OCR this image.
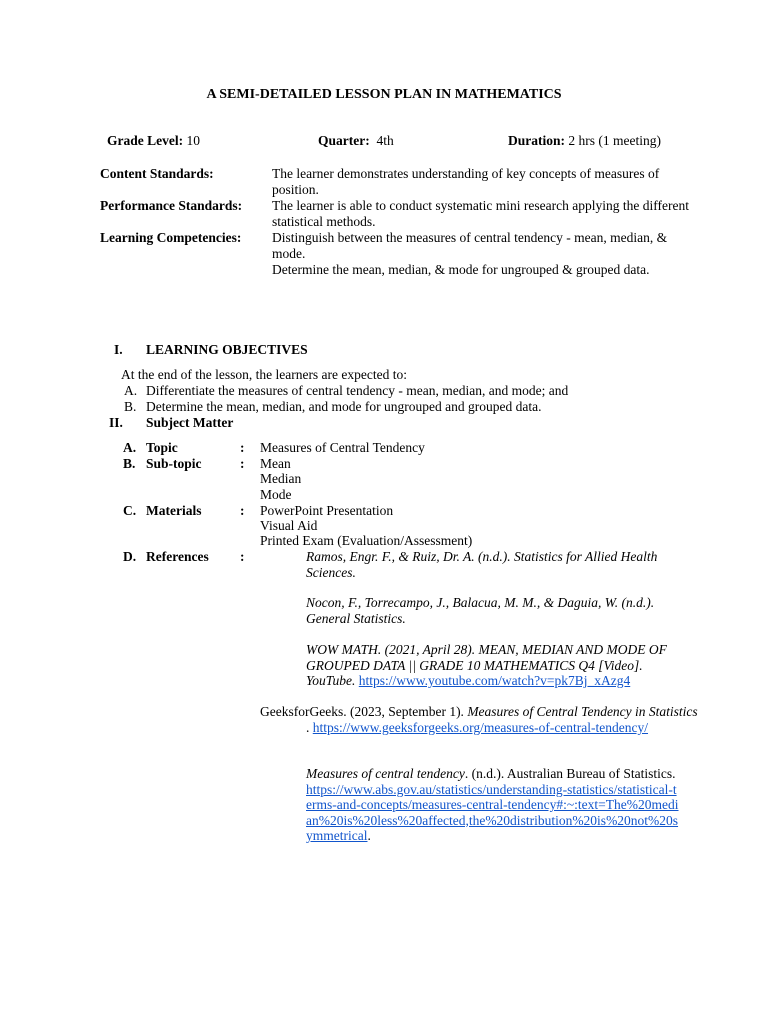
A SEMI-DETAILED LESSON PLAN IN MATHEMATICS
Grade Level: 10	Quarter: 4th	Duration: 2 hrs (1 meeting)
Content Standards:	The learner demonstrates understanding of key concepts of measures of position.
Performance Standards: The learner is able to conduct systematic mini research applying the different statistical methods.
Learning Competencies: Distinguish between the measures of central tendency - mean, median, & mode.
Determine the mean, median, & mode for ungrouped & grouped data.
I. LEARNING OBJECTIVES
At the end of the lesson, the learners are expected to:
A. Differentiate the measures of central tendency - mean, median, and mode; and
B. Determine the mean, median, and mode for ungrouped and grouped data.
II. Subject Matter
A. Topic	: Measures of Central Tendency
B. Sub-topic	: Mean
Median
Mode
C. Materials	: PowerPoint Presentation
Visual Aid
Printed Exam (Evaluation/Assessment)
D. References :	Ramos, Engr. F., & Ruiz, Dr. A. (n.d.). Statistics for Allied Health Sciences.
Nocon, F., Torrecampo, J., Balacua, M. M., & Daguia, W. (n.d.). General Statistics.
WOW MATH. (2021, April 28). MEAN, MEDIAN AND MODE OF GROUPED DATA || GRADE 10 MATHEMATICS Q4 [Video]. YouTube. https://www.youtube.com/watch?v=pk7Bj_xAzg4
GeeksforGeeks. (2023, September 1). Measures of Central Tendency in Statistics
. https://www.geeksforgeeks.org/measures-of-central-tendency/
Measures of central tendency. (n.d.). Australian Bureau of Statistics. https://www.abs.gov.au/statistics/understanding-statistics/statistical-terms-and-concepts/measures-central-tendency#:~:text=The%20median%20is%20less%20affected,the%20distribution%20is%20not%20symmetrical.
